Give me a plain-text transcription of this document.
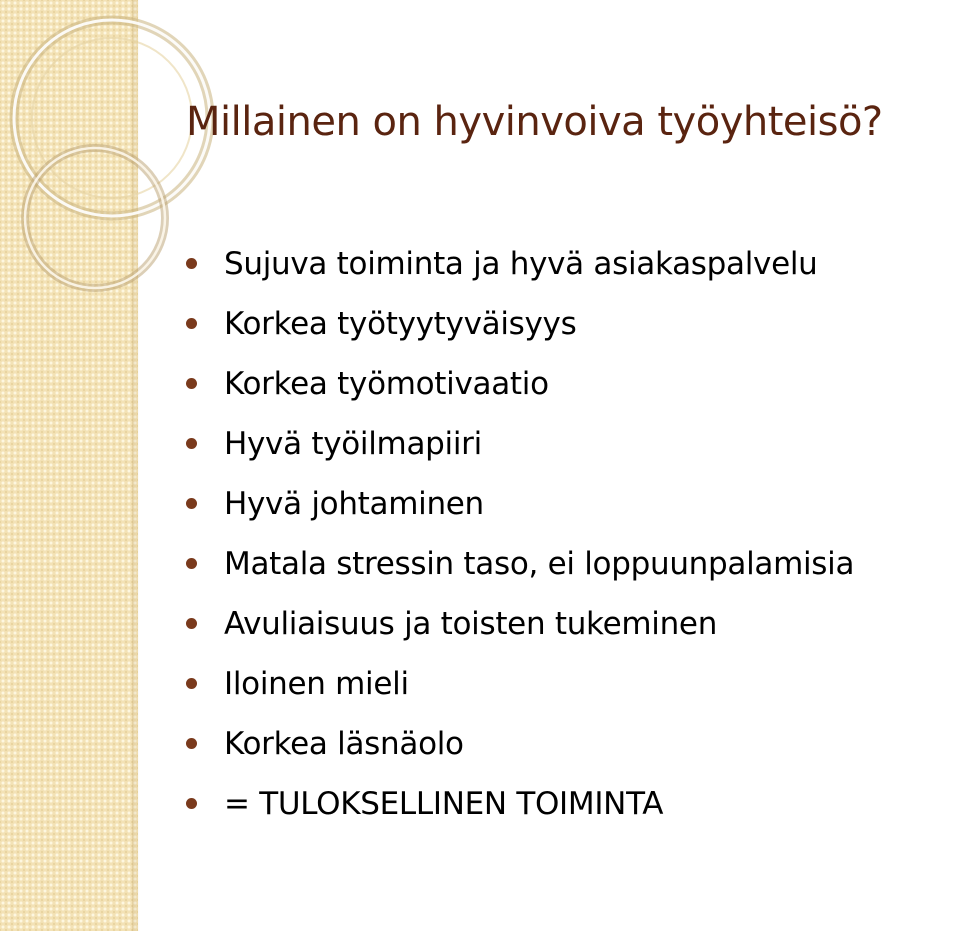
Millainen on hyvinvoiva työyhteisö?
Sujuva toiminta ja hyvä asiakaspalvelu
Korkea työtyytyväisyys
Korkea työmotivaatio
Hyvä työilmapiiri
Hyvä johtaminen
Matala stressin taso, ei loppuunpalamisia
Avuliaisuus ja toisten tukeminen
Iloinen mieli
Korkea läsnäolo
= TULOKSELLINEN TOIMINTA
